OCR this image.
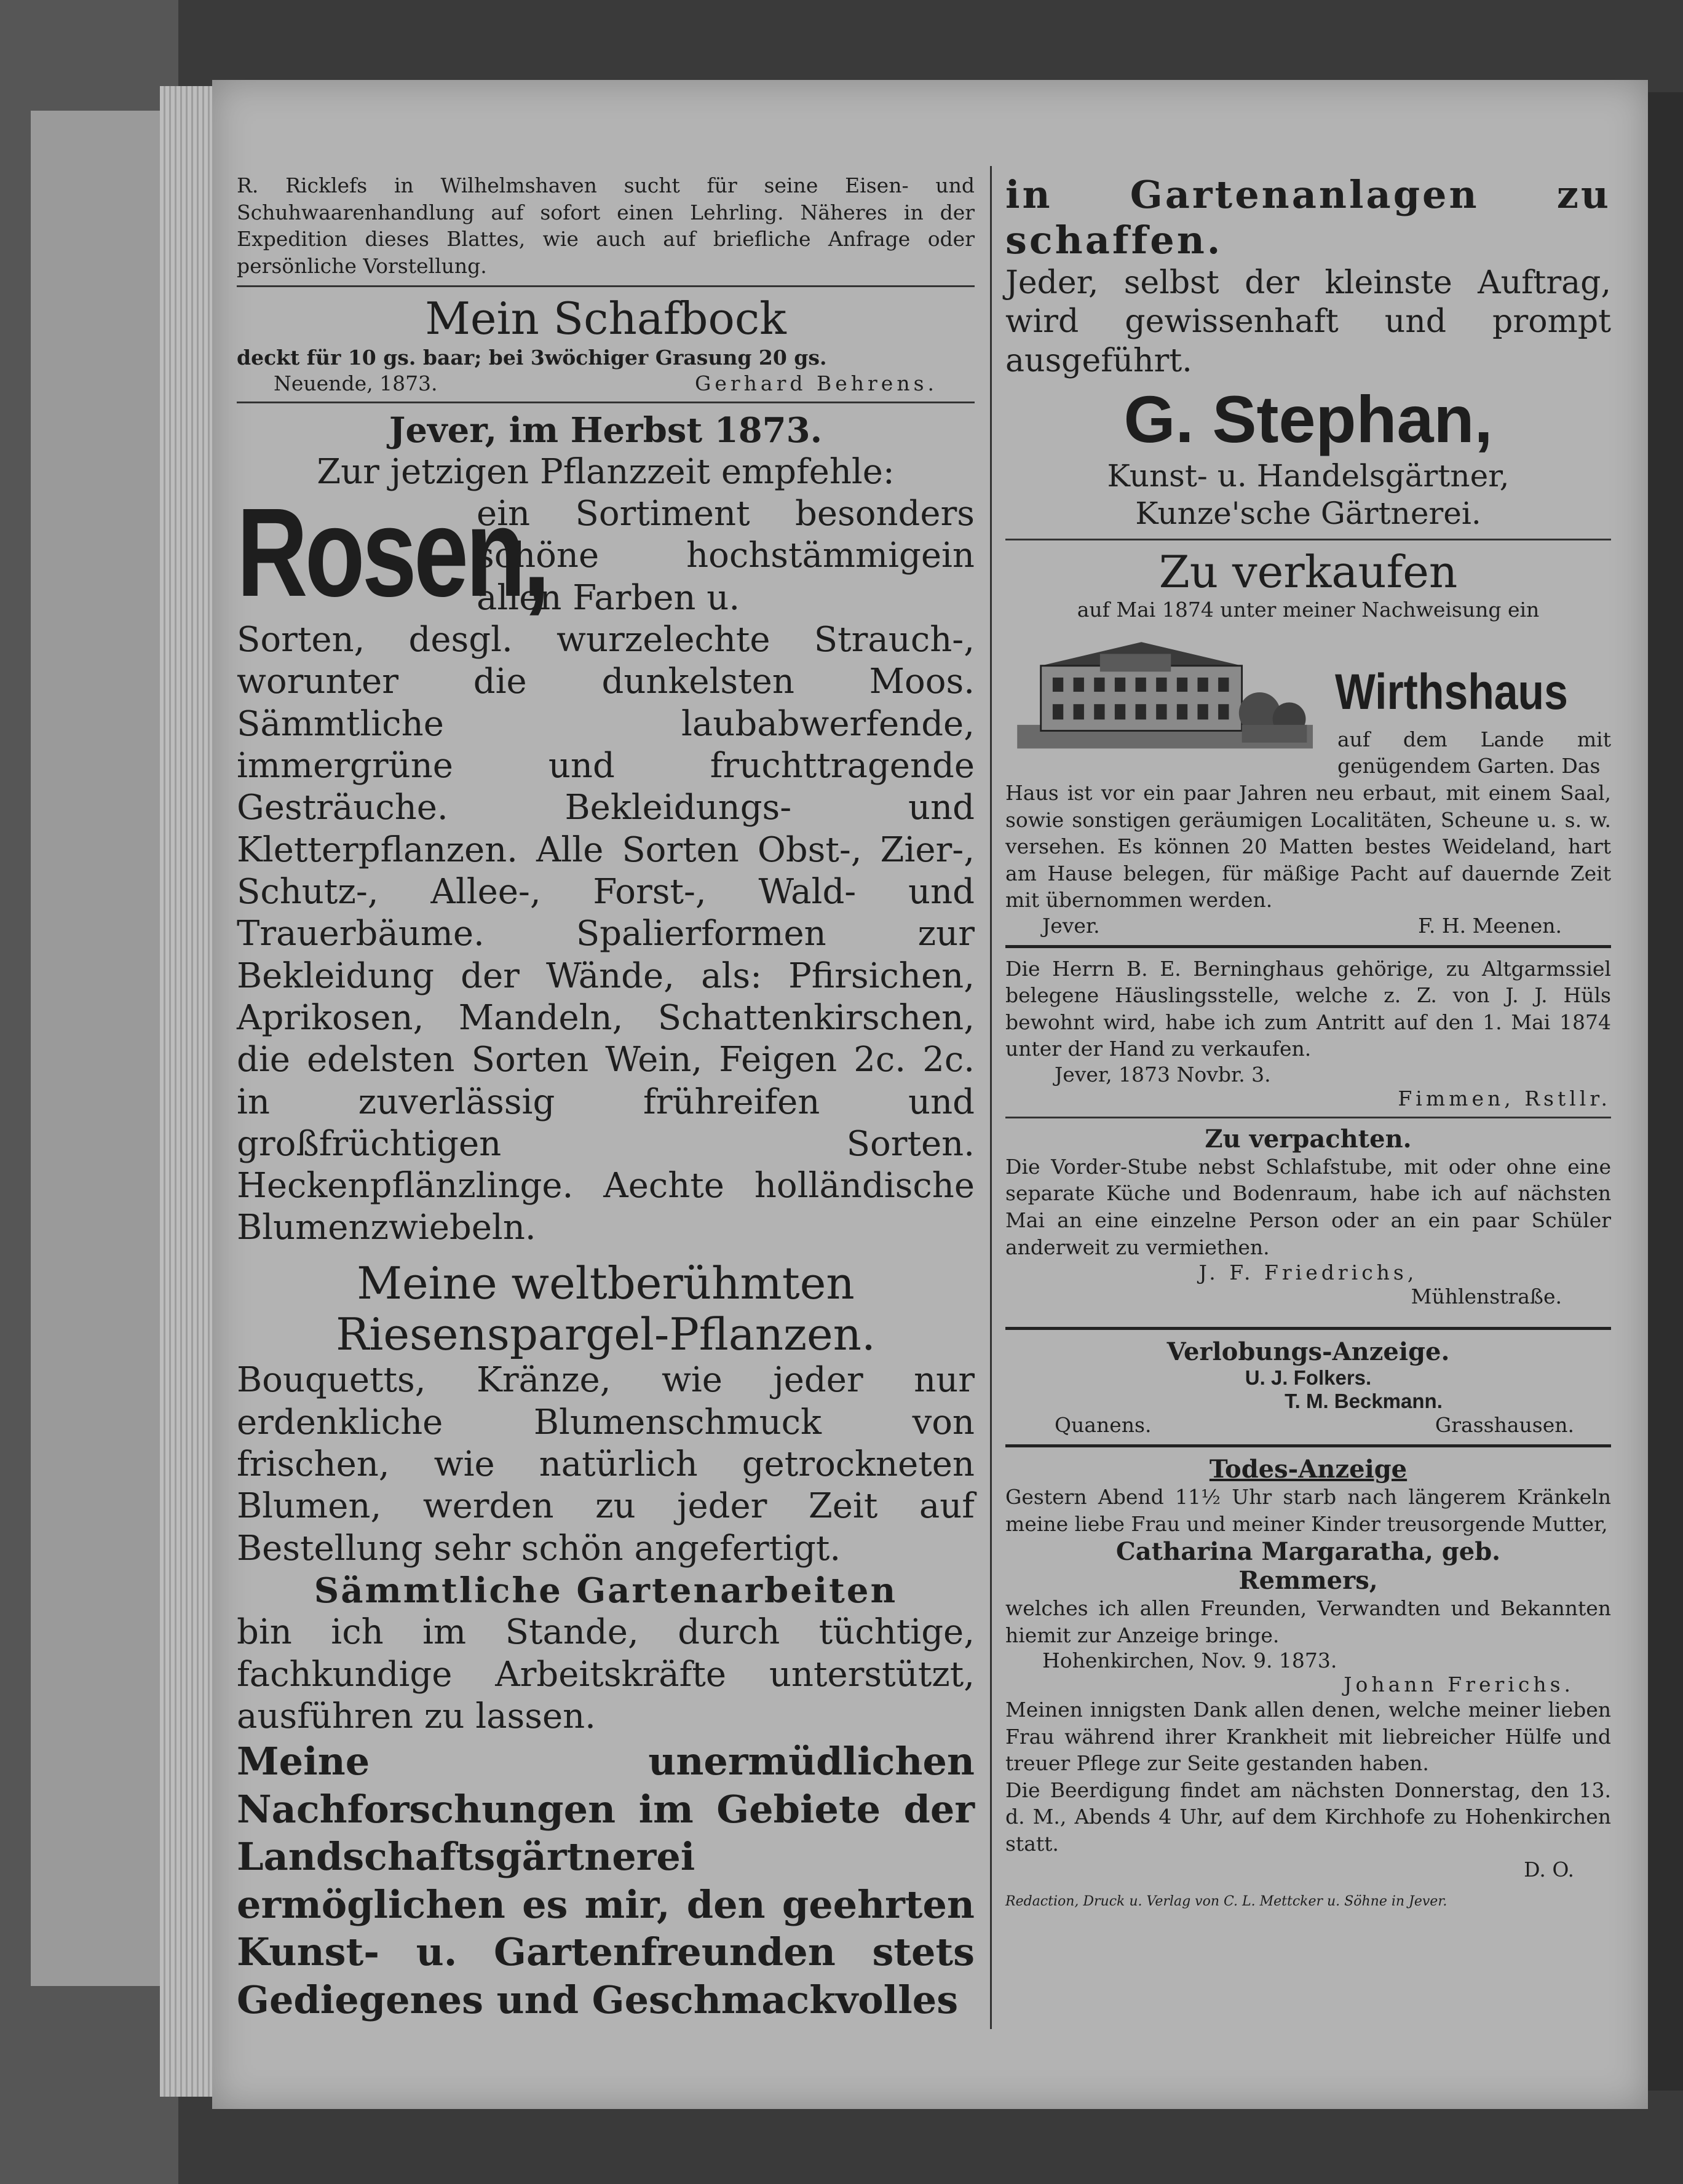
R. Ricklefs in Wilhelmshaven sucht für seine Eisen- und Schuhwaarenhandlung auf sofort einen Lehrling. Näheres in der Expedition dieses Blattes, wie auch auf briefliche Anfrage oder persönliche Vorstellung.

Mein Schafbock

deckt für 10 gs. baar; bei 3wöchiger Grasung 20 gs.

Neuende, 1873.	Gerhard Behrens.
Jever, im Herbst 1873.
Zur jetzigen Pflanzzeit empfehle:
Rosen,

ein Sortiment besonders schöne hochstämmigein allen Farben u.

Sorten, desgl. wurzelechte Strauch-, worunter die dunkelsten Moos. Sämmtliche laubabwerfende, immergrüne und fruchttragende Gesträuche. Bekleidungs- und Kletterpflanzen. Alle Sorten Obst-, Zier-, Schutz-, Allee-, Forst-, Wald- und Trauerbäume. Spalierformen zur Bekleidung der Wände, als: Pfirsichen, Aprikosen, Mandeln, Schattenkirschen, die edelsten Sorten Wein, Feigen 2c. 2c. in zuverlässig frühreifen und großfrüchtigen Sorten. Heckenpflänzlinge. Aechte holländische Blumenzwiebeln.

Meine weltberühmten
Riesenspargel-Pflanzen.

Bouquetts, Kränze, wie jeder nur erdenkliche Blumenschmuck von frischen, wie natürlich getrockneten Blumen, werden zu jeder Zeit auf Bestellung sehr schön angefertigt.

Sämmtliche Gartenarbeiten

bin ich im Stande, durch tüchtige, fachkundige Arbeitskräfte unterstützt, ausführen zu lassen.

Meine unermüdlichen Nachforschungen im Gebiete der Landschaftsgärtnerei ermöglichen es mir, den geehrten Kunst- u. Gartenfreunden stets Gediegenes und Geschmackvolles

in Gartenanlagen zu schaffen.

Jeder, selbst der kleinste Auftrag, wird gewissenhaft und prompt ausgeführt.

G. Stephan,
Kunst- u. Handelsgärtner,
Kunze'sche Gärtnerei.
Zu verkaufen
auf Mai 1874 unter meiner Nachweisung ein
Wirthshaus

auf dem Lande mit genügendem Garten. Das

Haus ist vor ein paar Jahren neu erbaut, mit einem Saal, sowie sonstigen geräumigen Localitäten, Scheune u. s. w. versehen. Es können 20 Matten bestes Weideland, hart am Hause belegen, für mäßige Pacht auf dauernde Zeit mit übernommen werden.

Jever.	F. H. Meenen.

Die Herrn B. E. Berninghaus gehörige, zu Altgarmssiel belegene Häuslingsstelle, welche z. Z. von J. J. Hüls bewohnt wird, habe ich zum Antritt auf den 1. Mai 1874 unter der Hand zu verkaufen.

Jever, 1873 Novbr. 3.
Fimmen, Rstllr.
Zu verpachten.

Die Vorder-Stube nebst Schlafstube, mit oder ohne eine separate Küche und Bodenraum, habe ich auf nächsten Mai an eine einzelne Person oder an ein paar Schüler anderweit zu vermiethen.

J. F. Friedrichs,
Mühlenstraße.
Verlobungs-Anzeige.
U. J. Folkers.
T. M. Beckmann.
Quanens.	Grasshausen.
Todes-Anzeige

Gestern Abend 11½ Uhr starb nach längerem Kränkeln meine liebe Frau und meiner Kinder treusorgende Mutter,

Catharina Margaratha, geb.
Remmers,

welches ich allen Freunden, Verwandten und Bekannten hiemit zur Anzeige bringe.

Hohenkirchen, Nov. 9. 1873.
Johann Frerichs.

Meinen innigsten Dank allen denen, welche meiner lieben Frau während ihrer Krankheit mit liebreicher Hülfe und treuer Pflege zur Seite gestanden haben.

Die Beerdigung findet am nächsten Donnerstag, den 13. d. M., Abends 4 Uhr, auf dem Kirchhofe zu Hohenkirchen statt.

D. O.
Redaction, Druck u. Verlag von C. L. Mettcker u. Söhne in Jever.
